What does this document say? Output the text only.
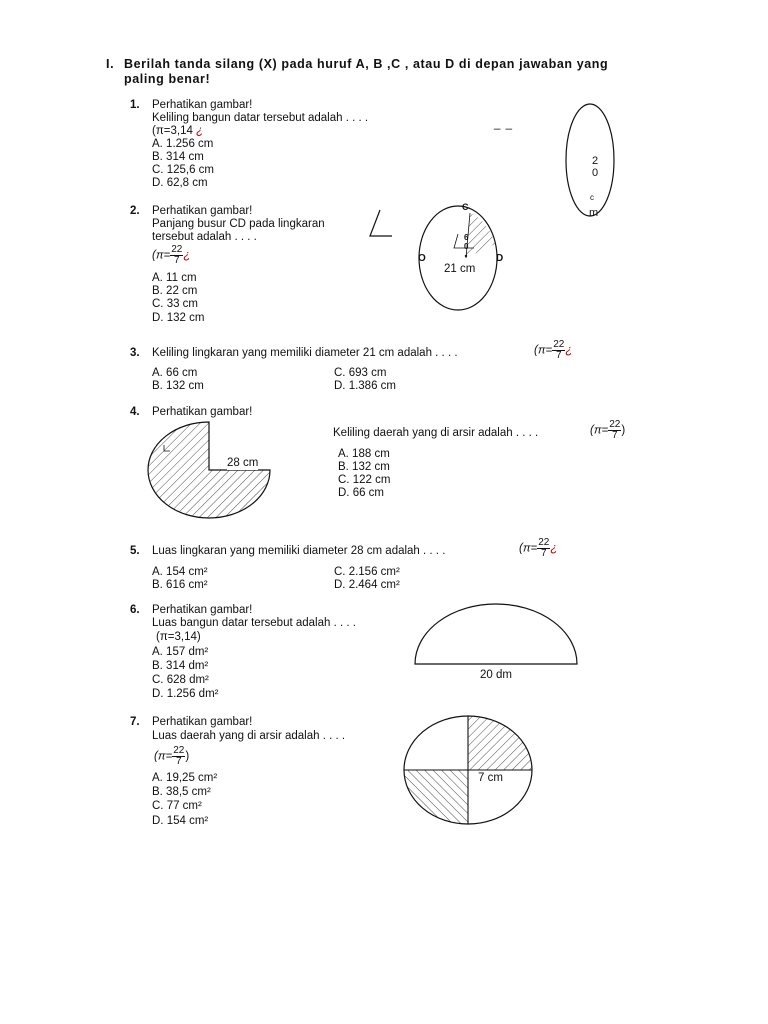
I. Berilah tanda silang (X) pada huruf A, B ,C , atau D di depan jawaban yang
paling benar!
1. Perhatikan gambar!
Keliling bangun datar tersebut adalah . . . .
(π=3,14 ¿
A. 1.256 cm
B. 314 cm
C. 125,6 cm
D. 62,8 cm
_ _
2
0
c
m
2. Perhatikan gambar!
Panjang busur CD pada lingkaran
tersebut adalah . . . .
($\pi= \frac{22}{7}$ ¿
A. 11 cm
B. 22 cm
C. 33 cm
D. 132 cm
C
O	D
6
0
21 cm
3. Keliling lingkaran yang memiliki diameter 21 cm adalah . . . .	($\pi= \frac{22}{7}$ ¿
A. 66 cm
B. 132 cm
C. 693 cm
D. 1.386 cm
4. Perhatikan gambar!
Keliling daerah yang di arsir adalah . . . .	($\pi= \frac{22}{7}$ )
A. 188 cm
B. 132 cm
C. 122 cm
D. 66 cm
28 cm
5. Luas lingkaran yang memiliki diameter 28 cm adalah . . . .	($\pi= \frac{22}{7}$ ¿
A. 154 cm²
B. 616 cm²
C. 2.156 cm²
D. 2.464 cm²
6. Perhatikan gambar!
Luas bangun datar tersebut adalah . . . .
(π=3,14)
A. 157 dm²
B. 314 dm²
C. 628 dm²
D. 1.256 dm²
20 dm
7. Perhatikan gambar!
Luas daerah yang di arsir adalah . . . .
($\pi= \frac{22}{7}$ )
A. 19,25 cm²
B. 38,5 cm²
C. 77 cm²
D. 154 cm²
7 cm
